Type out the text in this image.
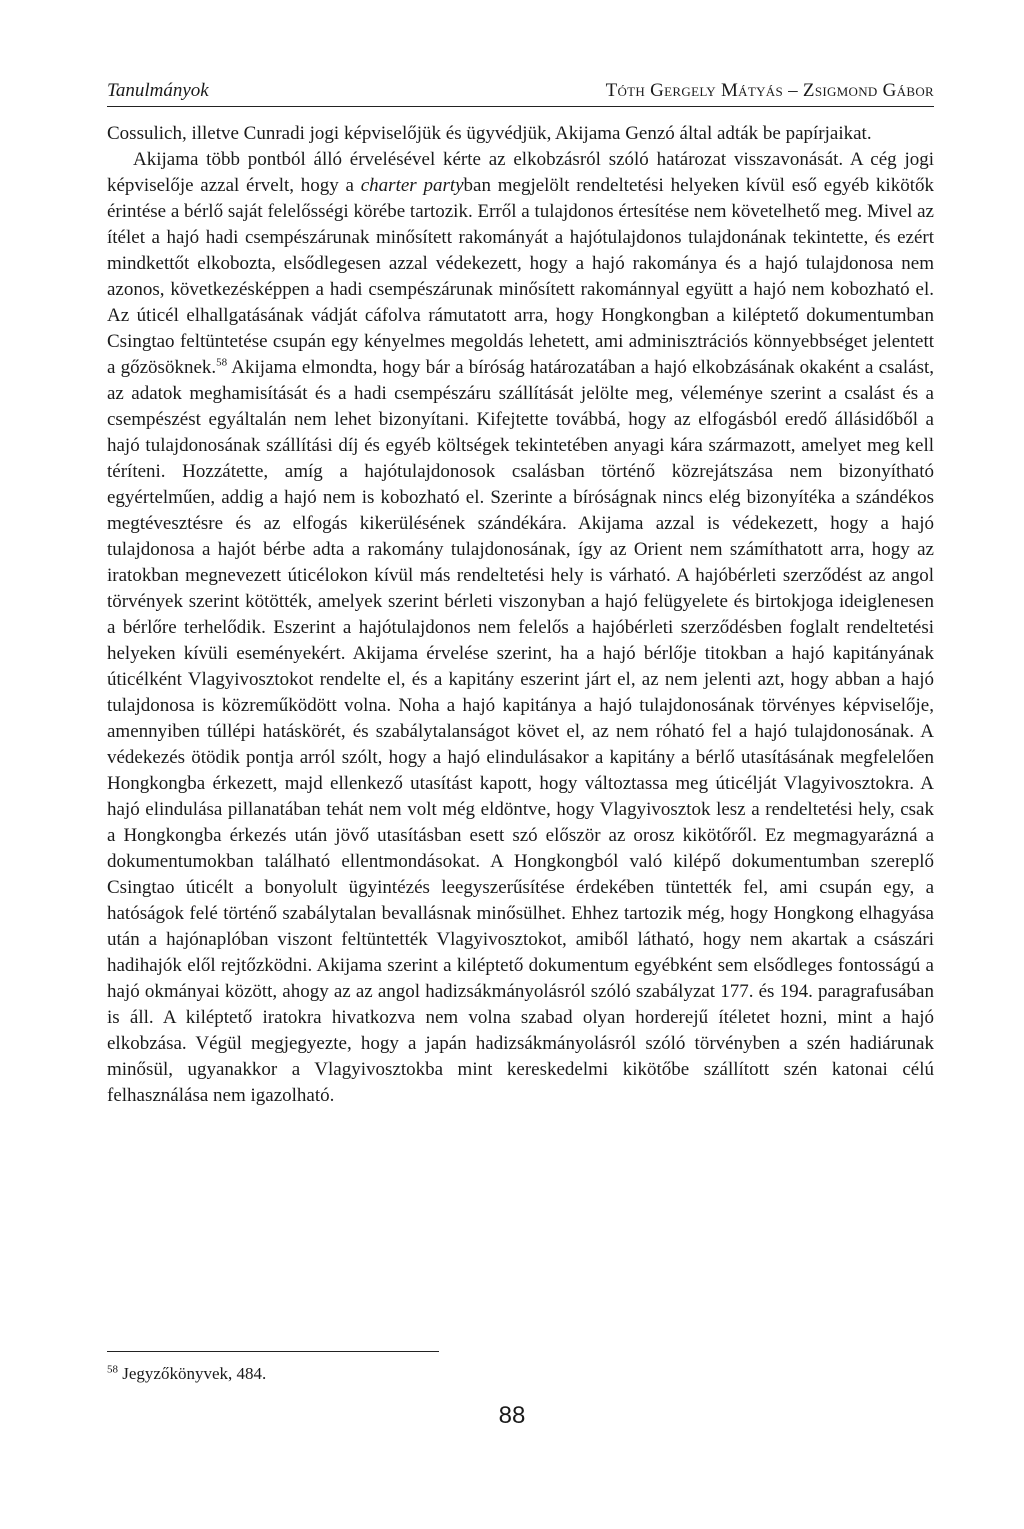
Tanulmányok	Tóth Gergely Mátyás – Zsigmond Gábor

Cossulich, illetve Cunradi jogi képviselőjük és ügyvédjük, Akijama Genzó által adták be papírjaikat.

Akijama több pontból álló érvelésével kérte az elkobzásról szóló határozat visszavonását. A cég jogi képviselője azzal érvelt, hogy a charter partyban megjelölt rendeltetési helyeken kívül eső egyéb kikötők érintése a bérlő saját felelősségi körébe tartozik. Erről a tulajdonos értesítése nem követelhető meg. Mivel az ítélet a hajó hadi csempészárunak minősített rakományát a hajótulajdonos tulajdonának tekintette, és ezért mindkettőt elkobozta, elsődlegesen azzal védekezett, hogy a hajó rakománya és a hajó tulajdonosa nem azonos, következésképpen a hadi csempészárunak minősített rakománnyal együtt a hajó nem kobozható el. Az úticél elhallgatásának vádját cáfolva rámutatott arra, hogy Hongkongban a kiléptető dokumentumban Csingtao feltüntetése csupán egy kényelmes megoldás lehetett, ami adminisztrációs könnyebbséget jelentett a gőzösöknek.$^{58}$ Akijama elmondta, hogy bár a bíróság határozatában a hajó elkobzásának okaként a csalást, az adatok meghamisítását és a hadi csempészáru szállítását jelölte meg, véleménye szerint a csalást és a csempészést egyáltalán nem lehet bizonyítani. Kifejtette továbbá, hogy az elfogásból eredő állásidőből a hajó tulajdonosának szállítási díj és egyéb költségek tekintetében anyagi kára származott, amelyet meg kell téríteni. Hozzátette, amíg a hajótulajdonosok csalásban történő közrejátszása nem bizonyítható egyértelműen, addig a hajó nem is kobozható el. Szerinte a bíróságnak nincs elég bizonyítéka a szándékos megtévesztésre és az elfogás kikerülésének szándékára. Akijama azzal is védekezett, hogy a hajó tulajdonosa a hajót bérbe adta a rakomány tulajdonosának, így az Orient nem számíthatott arra, hogy az iratokban megnevezett úticélokon kívül más rendeltetési hely is várható. A hajóbérleti szerződést az angol törvények szerint kötötték, amelyek szerint bérleti viszonyban a hajó felügyelete és birtokjoga ideiglenesen a bérlőre terhelődik. Eszerint a hajótulajdonos nem felelős a hajóbérleti szerződésben foglalt rendeltetési helyeken kívüli eseményekért. Akijama érvelése szerint, ha a hajó bérlője titokban a hajó kapitányának úticélként Vlagyivosztokot rendelte el, és a kapitány eszerint járt el, az nem jelenti azt, hogy abban a hajó tulajdonosa is közreműködött volna. Noha a hajó kapitánya a hajó tulajdonosának törvényes képviselője, amennyiben túllépi hatáskörét, és szabálytalanságot követ el, az nem róható fel a hajó tulajdonosának. A védekezés ötödik pontja arról szólt, hogy a hajó elindulásakor a kapitány a bérlő utasításának megfelelően Hongkongba érkezett, majd ellenkező utasítást kapott, hogy változtassa meg úticélját Vlagyivosztokra. A hajó elindulása pillanatában tehát nem volt még eldöntve, hogy Vlagyivosztok lesz a rendeltetési hely, csak a Hongkongba érkezés után jövő utasításban esett szó először az orosz kikötőről. Ez megmagyarázná a dokumentumokban található ellentmondásokat. A Hongkongból való kilépő dokumentumban szereplő Csingtao úticélt a bonyolult ügyintézés leegyszerűsítése érdekében tüntették fel, ami csupán egy, a hatóságok felé történő szabálytalan bevallásnak minősülhet. Ehhez tartozik még, hogy Hongkong elhagyása után a hajónaplóban viszont feltüntették Vlagyivosztokot, amiből látható, hogy nem akartak a császári hadihajók elől rejtőzködni. Akijama szerint a kiléptető dokumentum egyébként sem elsődleges fontosságú a hajó okmányai között, ahogy az az angol hadizsákmányolásról szóló szabályzat 177. és 194. paragrafusában is áll. A kiléptető iratokra hivatkozva nem volna szabad olyan horderejű ítéletet hozni, mint a hajó elkobzása. Végül megjegyezte, hogy a japán hadizsákmányolásról szóló törvényben a szén hadiárunak minősül, ugyanakkor a Vlagyivosztokba mint kereskedelmi kikötőbe szállított szén katonai célú felhasználása nem igazolható.

$^{58}$ Jegyzőkönyvek, 484.
88
